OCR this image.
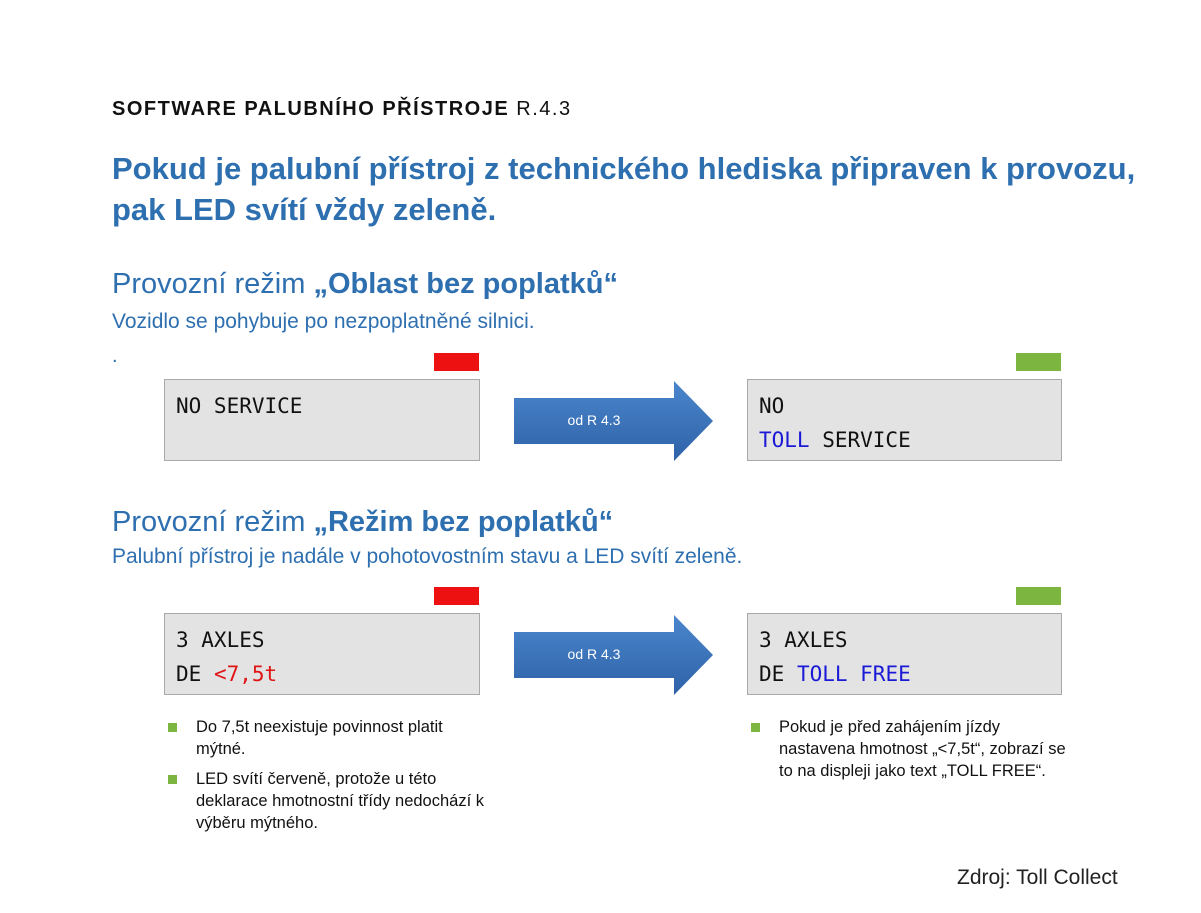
SOFTWARE PALUBNÍHO PŘÍSTROJE R.4.3
Pokud je palubní přístroj z technického hlediska připraven k provozu, pak LED svítí vždy zeleně.
Provozní režim „Oblast bez poplatků“
Vozidlo se pohybuje po nezpoplatněné silnici.
.
NO SERVICE
od R 4.3
NO
TOLL SERVICE
Provozní režim „Režim bez poplatků“
Palubní přístroj je nadále v pohotovostním stavu a LED svítí zeleně.
3 AXLES
DE <7,5t
od R 4.3
3 AXLES
DE TOLL FREE
Do 7,5t neexistuje povinnost platit mýtné.
LED svítí červeně, protože u této deklarace hmotnostní třídy nedochází k výběru mýtného.
Pokud je před zahájením jízdy nastavena hmotnost „<7,5t“, zobrazí se to na displeji jako text „TOLL FREE“.
Zdroj: Toll Collect
